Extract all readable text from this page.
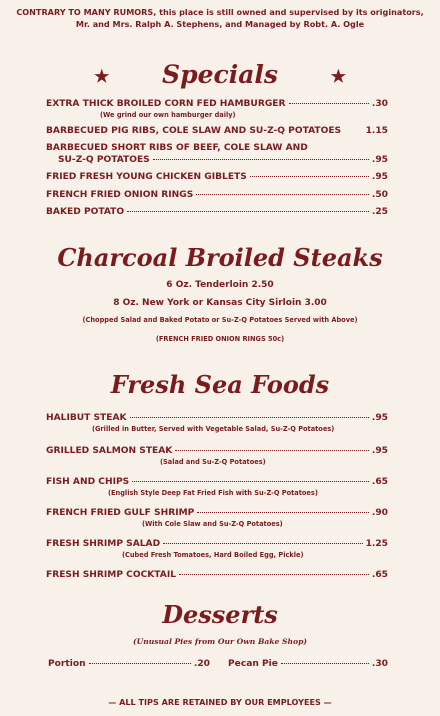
CONTRARY TO MANY RUMORS, this place is still owned and supervised by its originators,
Mr. and Mrs. Ralph A. Stephens, and Managed by Robt. A. Ogle
★ Specials	★
EXTRA THICK BROILED CORN FED HAMBURGER	.30
(We grind our own hamburger daily)
BARBECUED PIG RIBS, COLE SLAW AND SU-Z-Q POTATOES	1.15
BARBECUED SHORT RIBS OF BEEF, COLE SLAW AND
SU-Z-Q POTATOES	.95
FRIED FRESH YOUNG CHICKEN GIBLETS	.95
FRENCH FRIED ONION RINGS	.50
BAKED POTATO	.25
Charcoal Broiled Steaks
6 Oz. Tenderloin 2.50
8 Oz. New York or Kansas City Sirloin 3.00
(Chopped Salad and Baked Potato or Su-Z-Q Potatoes Served with Above)
(FRENCH FRIED ONION RINGS 50c)
Fresh Sea Foods
HALIBUT STEAK	.95
(Grilled in Butter, Served with Vegetable Salad, Su-Z-Q Potatoes)
GRILLED SALMON STEAK	.95
(Salad and Su-Z-Q Potatoes)
FISH AND CHIPS	.65
(English Style Deep Fat Fried Fish with Su-Z-Q Potatoes)
FRENCH FRIED GULF SHRIMP	.90
(With Cole Slaw and Su-Z-Q Potatoes)
FRESH SHRIMP SALAD	1.25
(Cubed Fresh Tomatoes, Hard Boiled Egg, Pickle)
FRESH SHRIMP COCKTAIL	.65
Desserts
(Unusual Pies from Our Own Bake Shop)
Portion	.20 Pecan Pie	.30
— ALL TIPS ARE RETAINED BY OUR EMPLOYEES —
